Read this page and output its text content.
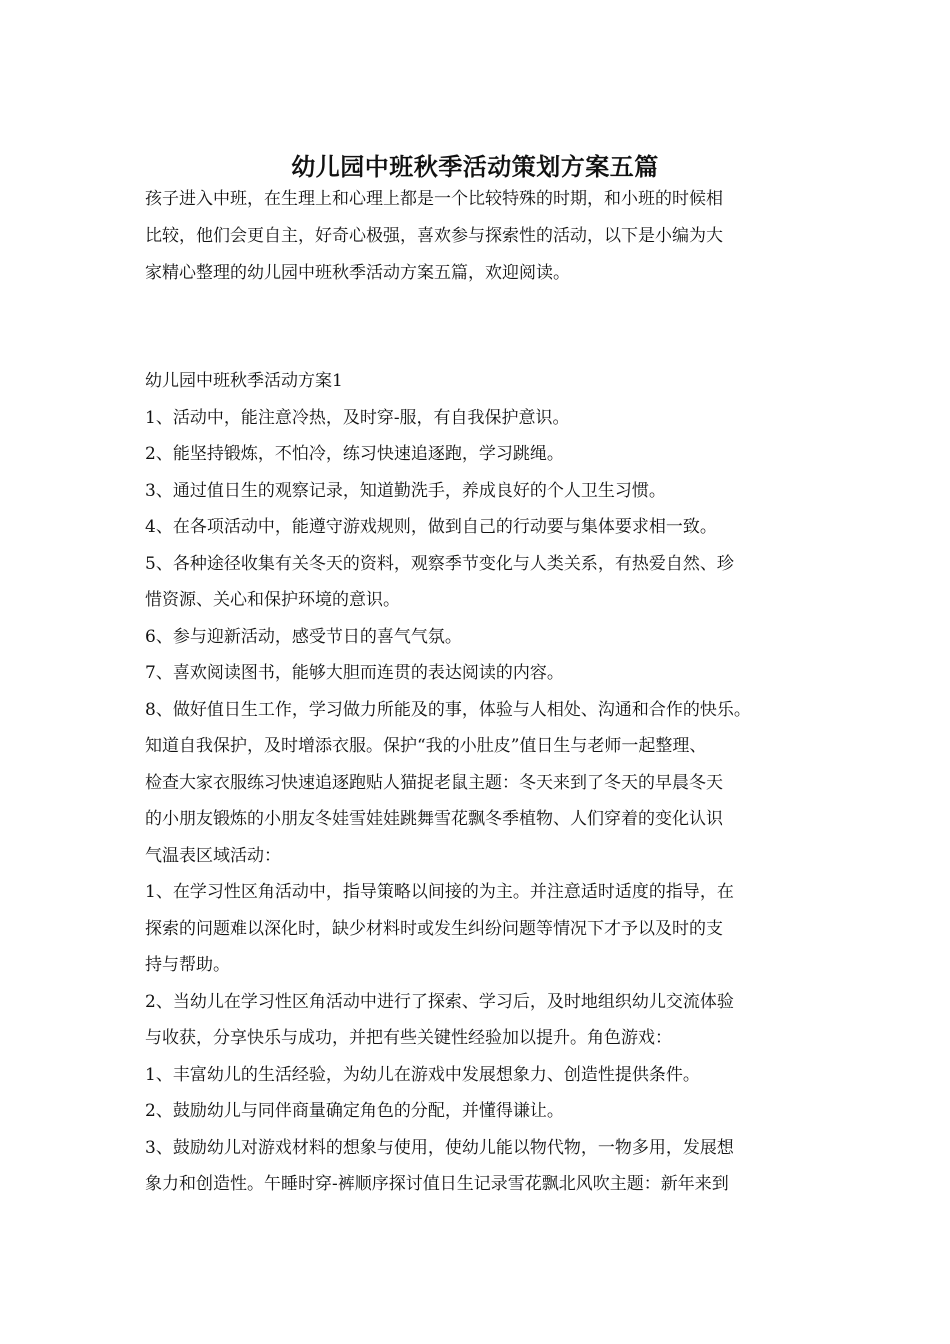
幼儿园中班秋季活动策划方案五篇

孩子进入中班，在生理上和心理上都是一个比较特殊的时期，和小班的时候相

比较，他们会更自主，好奇心极强，喜欢参与探索性的活动，以下是小编为大

家精心整理的幼儿园中班秋季活动方案五篇，欢迎阅读。

幼儿园中班秋季活动方案1

1、活动中，能注意冷热，及时穿-服，有自我保护意识。

2、能坚持锻炼，不怕冷，练习快速追逐跑，学习跳绳。

3、通过值日生的观察记录，知道勤洗手，养成良好的个人卫生习惯。

4、在各项活动中，能遵守游戏规则，做到自己的行动要与集体要求相一致。

5、各种途径收集有关冬天的资料，观察季节变化与人类关系，有热爱自然、珍

惜资源、关心和保护环境的意识。

6、参与迎新活动，感受节日的喜气气氛。

7、喜欢阅读图书，能够大胆而连贯的表达阅读的内容。

8、做好值日生工作，学习做力所能及的事，体验与人相处、沟通和合作的快乐。

知道自我保护，及时增添衣服。保护“我的小肚皮”值日生与老师一起整理、

检查大家衣服练习快速追逐跑贴人猫捉老鼠主题：冬天来到了冬天的早晨冬天

的小朋友锻炼的小朋友冬娃雪娃娃跳舞雪花飘冬季植物、人们穿着的变化认识

气温表区域活动：

1、在学习性区角活动中，指导策略以间接的为主。并注意适时适度的指导，在

探索的问题难以深化时，缺少材料时或发生纠纷问题等情况下才予以及时的支

持与帮助。

2、当幼儿在学习性区角活动中进行了探索、学习后，及时地组织幼儿交流体验

与收获，分享快乐与成功，并把有些关键性经验加以提升。角色游戏：

1、丰富幼儿的生活经验，为幼儿在游戏中发展想象力、创造性提供条件。

2、鼓励幼儿与同伴商量确定角色的分配，并懂得谦让。

3、鼓励幼儿对游戏材料的想象与使用，使幼儿能以物代物，一物多用，发展想

象力和创造性。午睡时穿-裤顺序探讨值日生记录雪花飘北风吹主题：新年来到
